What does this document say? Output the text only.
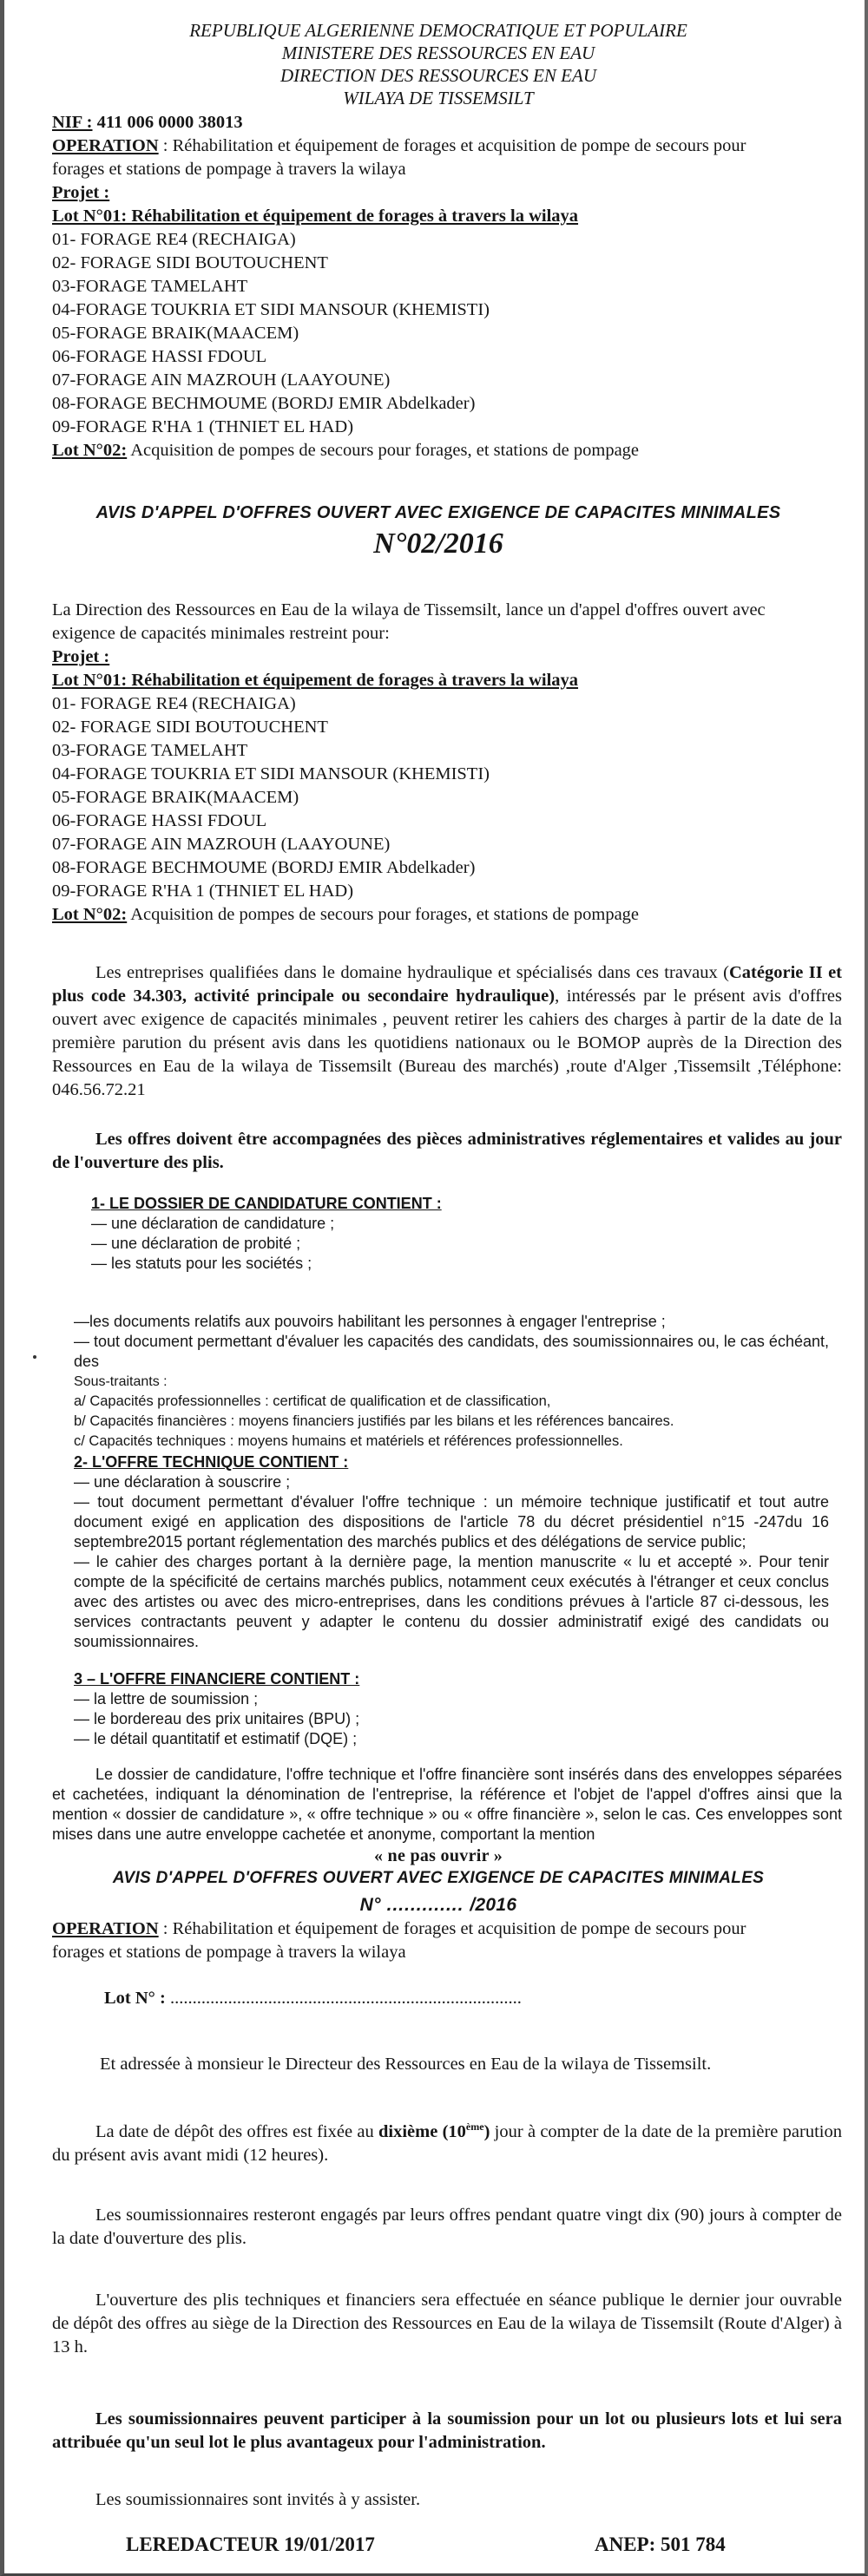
REPUBLIQUE ALGERIENNE DEMOCRATIQUE ET POPULAIRE
MINISTERE DES RESSOURCES EN EAU
DIRECTION DES RESSOURCES EN EAU
WILAYA DE TISSEMSILT
NIF : 411 006 0000 38013
OPERATION : Réhabilitation et équipement de forages et acquisition de pompe de secours pour
forages et stations de pompage à travers la wilaya
Projet :
Lot N°01: Réhabilitation et équipement de forages à travers la wilaya
01- FORAGE RE4 (RECHAIGA)
02- FORAGE SIDI BOUTOUCHENT
03-FORAGE TAMELAHT
04-FORAGE TOUKRIA ET SIDI MANSOUR (KHEMISTI)
05-FORAGE BRAIK(MAACEM)
06-FORAGE HASSI FDOUL
07-FORAGE AIN MAZROUH (LAAYOUNE)
08-FORAGE BECHMOUME (BORDJ EMIR Abdelkader)
09-FORAGE R'HA 1 (THNIET EL HAD)
Lot N°02: Acquisition de pompes de secours pour forages, et stations de pompage
AVIS D'APPEL D'OFFRES OUVERT AVEC EXIGENCE DE CAPACITES MINIMALES
N°02/2016
La Direction des Ressources en Eau de la wilaya de Tissemsilt, lance un d'appel d'offres ouvert avec
exigence de capacités minimales restreint pour:
Projet :
Lot N°01: Réhabilitation et équipement de forages à travers la wilaya
01- FORAGE RE4 (RECHAIGA)
02- FORAGE SIDI BOUTOUCHENT
03-FORAGE TAMELAHT
04-FORAGE TOUKRIA ET SIDI MANSOUR (KHEMISTI)
05-FORAGE BRAIK(MAACEM)
06-FORAGE HASSI FDOUL
07-FORAGE AIN MAZROUH (LAAYOUNE)
08-FORAGE BECHMOUME (BORDJ EMIR Abdelkader)
09-FORAGE R'HA 1 (THNIET EL HAD)
Lot N°02: Acquisition de pompes de secours pour forages, et stations de pompage
Les entreprises qualifiées dans le domaine hydraulique et spécialisés dans ces travaux (Catégorie II et plus code 34.303, activité principale ou secondaire hydraulique), intéressés par le présent avis d'offres ouvert avec exigence de capacités minimales , peuvent retirer les cahiers des charges à partir de la date de la première parution du présent avis dans les quotidiens nationaux ou le BOMOP auprès de la Direction des Ressources en Eau de la wilaya de Tissemsilt (Bureau des marchés) ,route d'Alger ,Tissemsilt ,Téléphone: 046.56.72.21
Les offres doivent être accompagnées des pièces administratives réglementaires et valides au jour de l'ouverture des plis.
1- LE DOSSIER DE CANDIDATURE CONTIENT :
— une déclaration de candidature ;
— une déclaration de probité ;
— les statuts pour les sociétés ;
—les documents relatifs aux pouvoirs habilitant les personnes à engager l'entreprise ;
— tout document permettant d'évaluer les capacités des candidats, des soumissionnaires ou, le cas échéant, des
Sous-traitants :
a/ Capacités professionnelles : certificat de qualification et de classification,
b/ Capacités financières : moyens financiers justifiés par les bilans et les références bancaires.
c/ Capacités techniques : moyens humains et matériels et références professionnelles.
2- L'OFFRE TECHNIQUE CONTIENT :
— une déclaration à souscrire ;
— tout document permettant d'évaluer l'offre technique : un mémoire technique justificatif et tout autre document exigé en application des dispositions de l'article 78 du décret présidentiel n°15 -247du 16 septembre2015 portant réglementation des marchés publics et des délégations de service public;
— le cahier des charges portant à la dernière page, la mention manuscrite « lu et accepté ». Pour tenir compte de la spécificité de certains marchés publics, notamment ceux exécutés à l'étranger et ceux conclus avec des artistes ou avec des micro-entreprises, dans les conditions prévues à l'article 87 ci-dessous, les services contractants peuvent y adapter le contenu du dossier administratif exigé des candidats ou soumissionnaires.
3 – L'OFFRE FINANCIERE CONTIENT :
— la lettre de soumission ;
— le bordereau des prix unitaires (BPU) ;
— le détail quantitatif et estimatif (DQE) ;
Le dossier de candidature, l'offre technique et l'offre financière sont insérés dans des enveloppes séparées et cachetées, indiquant la dénomination de l'entreprise, la référence et l'objet de l'appel d'offres ainsi que la mention « dossier de candidature », « offre technique » ou « offre financière », selon le cas. Ces enveloppes sont mises dans une autre enveloppe cachetée et anonyme, comportant la mention
« ne pas ouvrir »
AVIS D'APPEL D'OFFRES OUVERT AVEC EXIGENCE DE CAPACITES MINIMALES
N° ............. /2016
OPERATION : Réhabilitation et équipement de forages et acquisition de pompe de secours pour
forages et stations de pompage à travers la wilaya
Lot N° : ...............................................................................
Et adressée à monsieur le Directeur des Ressources en Eau de la wilaya de Tissemsilt.
La date de dépôt des offres est fixée au dixième (10ème) jour à compter de la date de la première parution du présent avis avant midi (12 heures).
Les soumissionnaires resteront engagés par leurs offres pendant quatre vingt dix (90) jours à compter de la date d'ouverture des plis.
L'ouverture des plis techniques et financiers sera effectuée en séance publique le dernier jour ouvrable de dépôt des offres au siège de la Direction des Ressources en Eau de la wilaya de Tissemsilt (Route d'Alger) à 13 h.
Les soumissionnaires peuvent participer à la soumission pour un lot ou plusieurs lots et lui sera attribuée qu'un seul lot le plus avantageux pour l'administration.
Les soumissionnaires sont invités à y assister.
LEREDACTEUR 19/01/2017	ANEP: 501 784
